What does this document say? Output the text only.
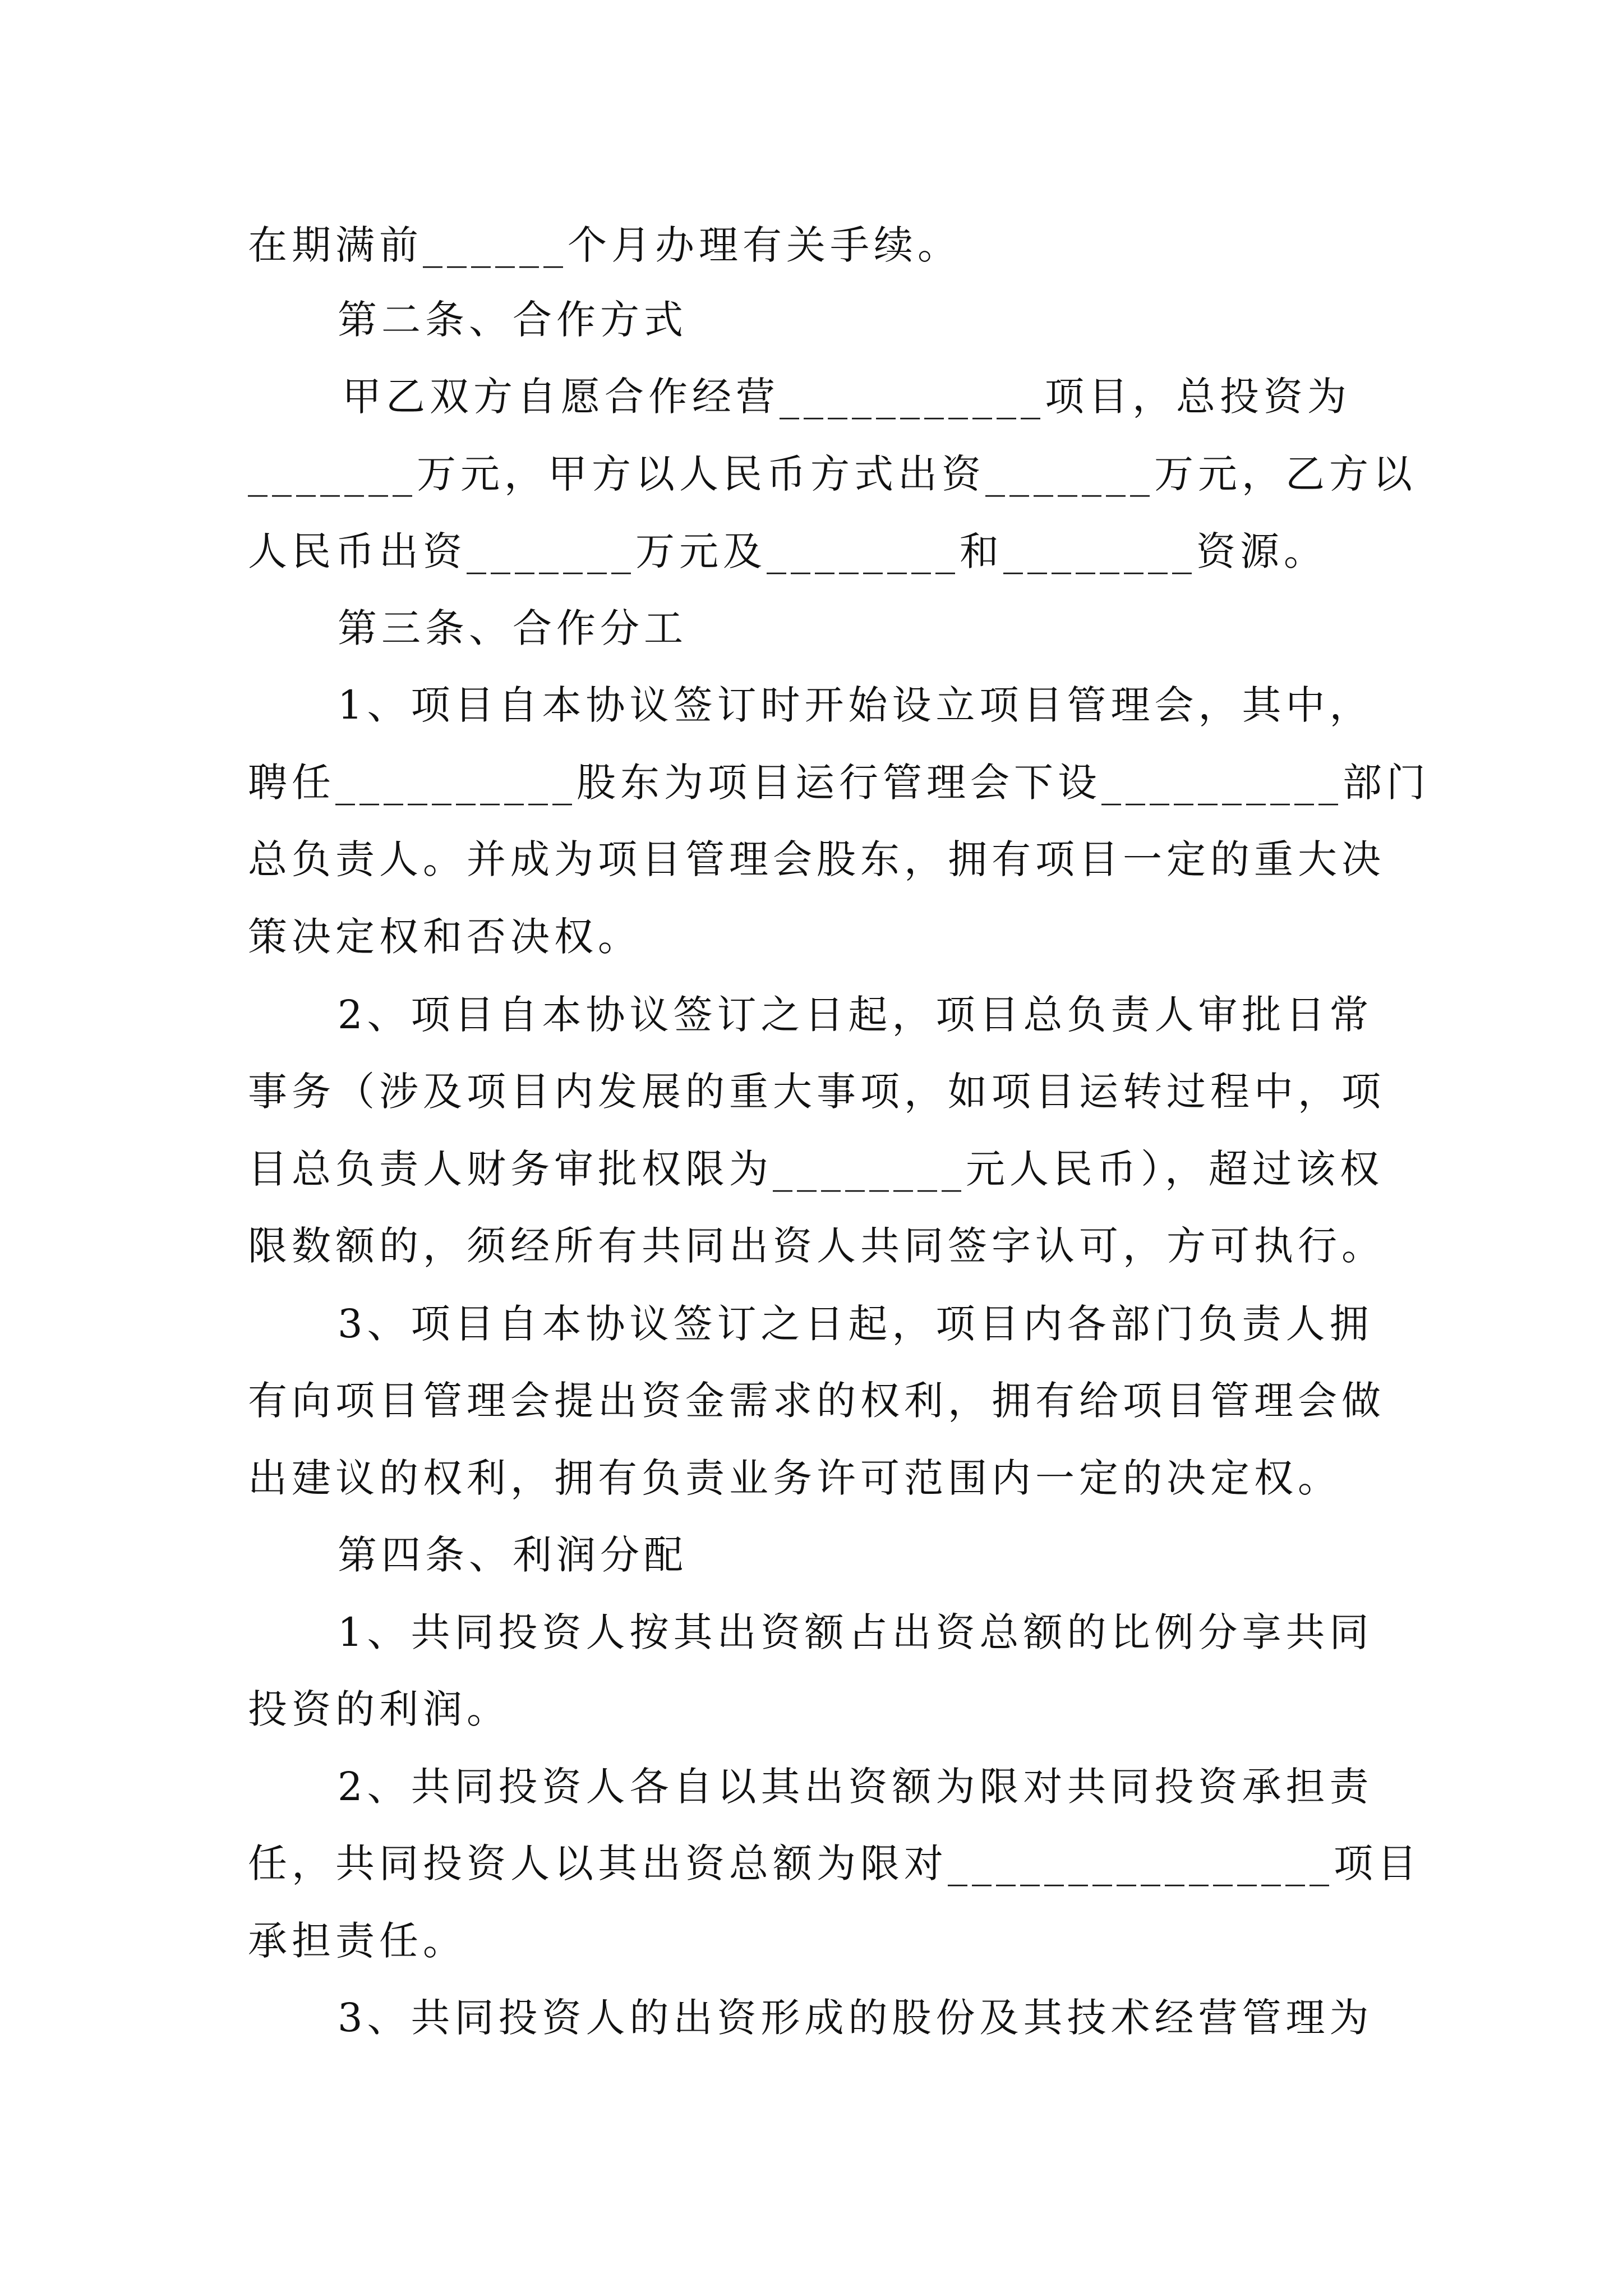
在期满前______个月办理有关手续。
第二条、合作方式
甲乙双方自愿合作经营___________项目，总投资为
_______万元，甲方以人民币方式出资_______万元，乙方以
人民币出资_______万元及________和________资源。
第三条、合作分工
1、项目自本协议签订时开始设立项目管理会，其中，
聘任__________股东为项目运行管理会下设__________部门
总负责人。并成为项目管理会股东，拥有项目一定的重大决
策决定权和否决权。
2、项目自本协议签订之日起，项目总负责人审批日常
事务（涉及项目内发展的重大事项，如项目运转过程中，项
目总负责人财务审批权限为________元人民币），超过该权
限数额的，须经所有共同出资人共同签字认可，方可执行。
3、项目自本协议签订之日起，项目内各部门负责人拥
有向项目管理会提出资金需求的权利，拥有给项目管理会做
出建议的权利，拥有负责业务许可范围内一定的决定权。
第四条、利润分配
1、共同投资人按其出资额占出资总额的比例分享共同
投资的利润。
2、共同投资人各自以其出资额为限对共同投资承担责
任，共同投资人以其出资总额为限对________________项目
承担责任。
3、共同投资人的出资形成的股份及其技术经营管理为
